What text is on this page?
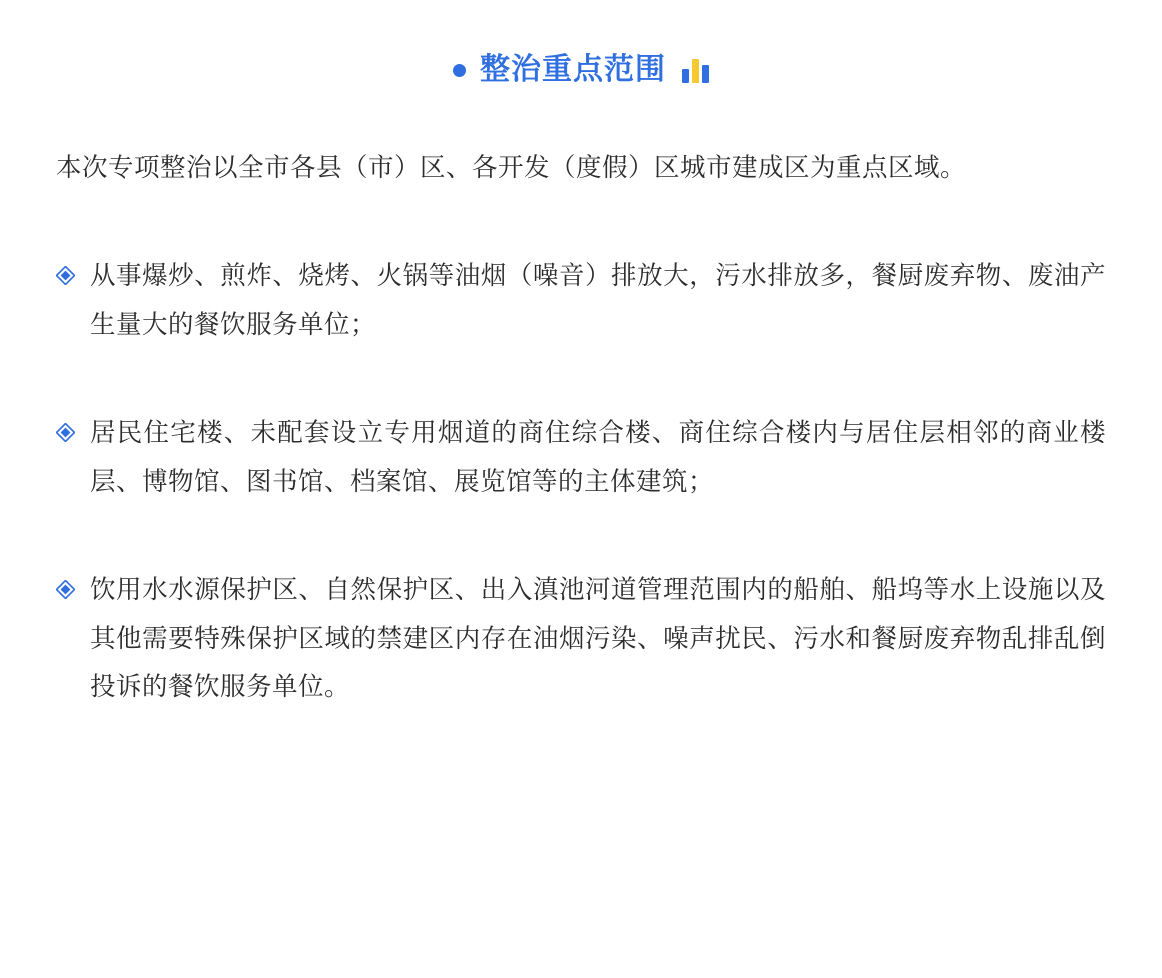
整治重点范围

本次专项整治以全市各县（市）区、各开发（度假）区城市建成区为重点区域。

从事爆炒、煎炸、烧烤、火锅等油烟（噪音）排放大，污水排放多，餐厨废弃物、废油产生量大的餐饮服务单位；
居民住宅楼、未配套设立专用烟道的商住综合楼、商住综合楼内与居住层相邻的商业楼层、博物馆、图书馆、档案馆、展览馆等的主体建筑；
饮用水水源保护区、自然保护区、出入滇池河道管理范围内的船舶、船坞等水上设施以及其他需要特殊保护区域的禁建区内存在油烟污染、噪声扰民、污水和餐厨废弃物乱排乱倒投诉的餐饮服务单位。
